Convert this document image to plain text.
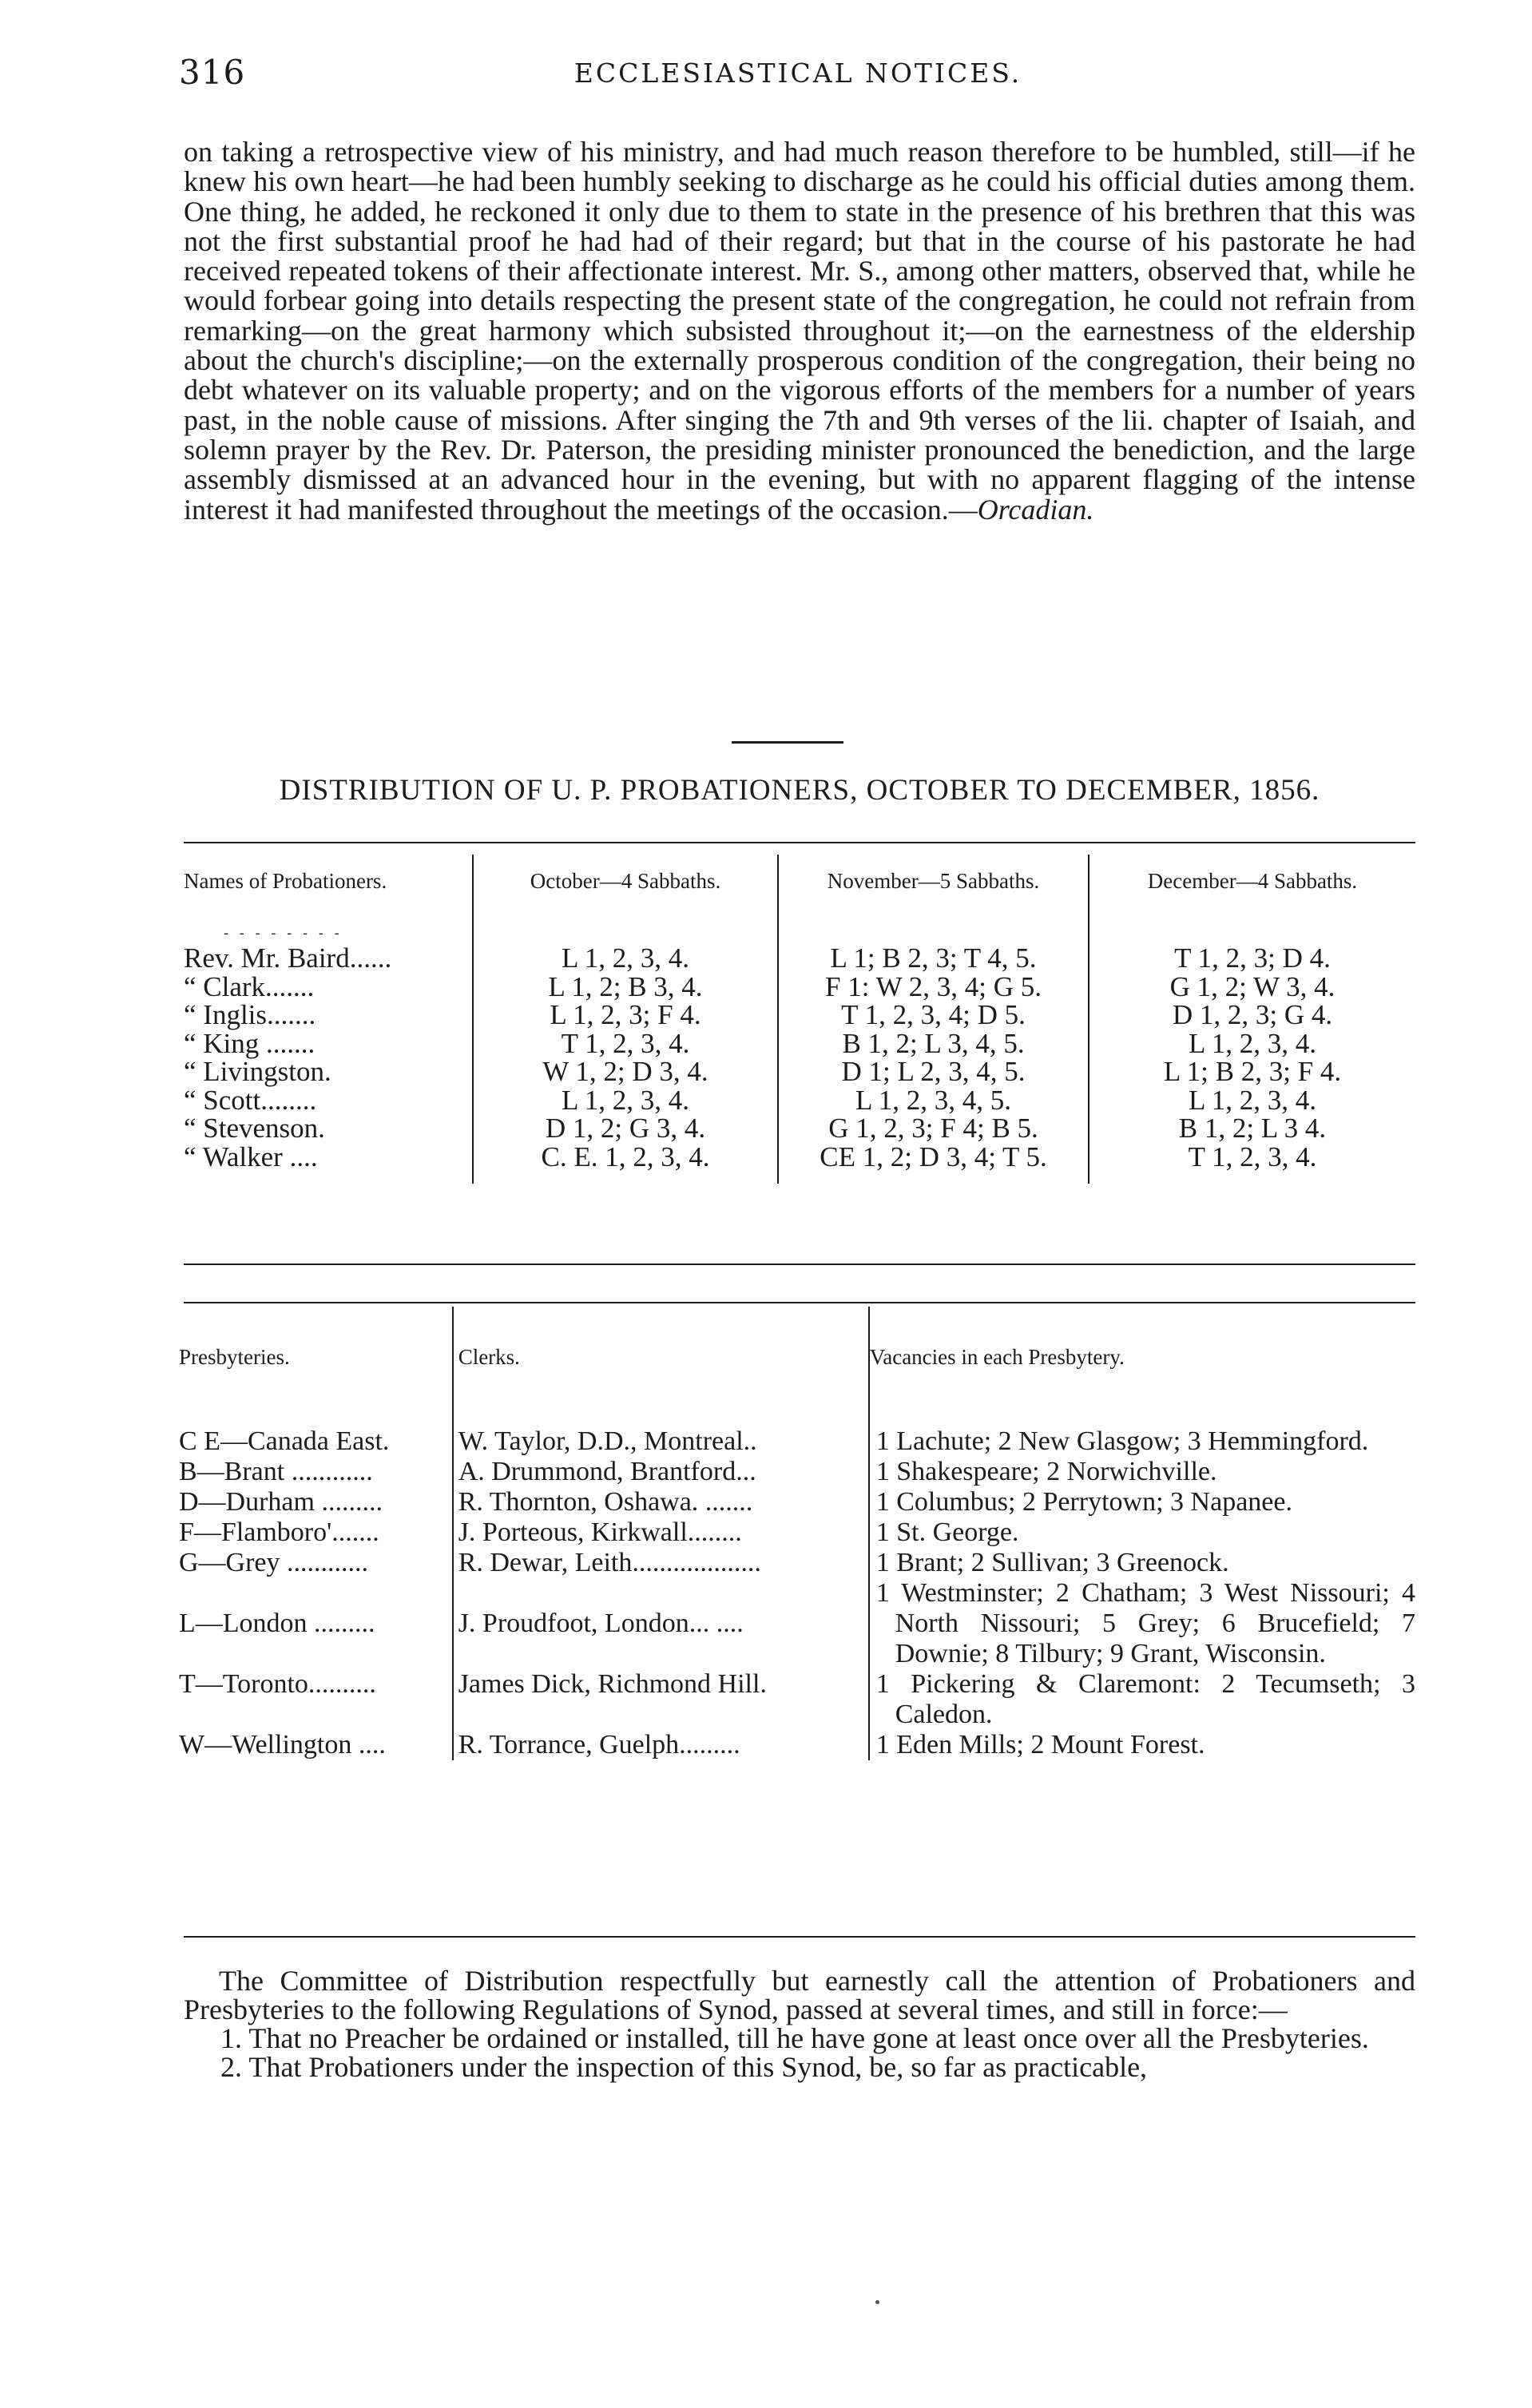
316	ECCLESIASTICAL NOTICES.
on taking a retrospective view of his ministry, and had much reason therefore to be humbled, still—if he knew his own heart—he had been humbly seeking to discharge as he could his official duties among them. One thing, he added, he reckoned it only due to them to state in the presence of his brethren that this was not the first substantial proof he had had of their regard; but that in the course of his pastorate he had received repeated tokens of their affectionate interest. Mr. S., among other matters, observed that, while he would forbear going into details respecting the present state of the congregation, he could not refrain from remarking—on the great harmony which subsisted throughout it;—on the earnestness of the eldership about the church's discipline;—on the externally prosperous condition of the congregation, their being no debt whatever on its valuable property; and on the vigorous efforts of the members for a number of years past, in the noble cause of missions. After singing the 7th and 9th verses of the lii. chapter of Isaiah, and solemn prayer by the Rev. Dr. Paterson, the presiding minister pronounced the benediction, and the large assembly dismissed at an advanced hour in the evening, but with no apparent flagging of the intense interest it had manifested throughout the meetings of the occasion.—Orcadian.
DISTRIBUTION OF U. P. PROBATIONERS, OCTOBER TO DECEMBER, 1856.
Names of Probationers.	October—4 Sabbaths.	November—5 Sabbaths.	December—4 Sabbaths.

Rev. Mr. Baird......	L 1, 2, 3, 4.	L 1; B 2, 3; T 4, 5.	T 1, 2, 3; D 4.
“ Clark.......	L 1, 2; B 3, 4.	F 1: W 2, 3, 4; G 5.	G 1, 2; W 3, 4.
“ Inglis.......	L 1, 2, 3; F 4.	T 1, 2, 3, 4; D 5.	D 1, 2, 3; G 4.
“ King .......	T 1, 2, 3, 4.	B 1, 2; L 3, 4, 5.	L 1, 2, 3, 4.
“ Livingston.	W 1, 2; D 3, 4.	D 1; L 2, 3, 4, 5.	L 1; B 2, 3; F 4.
“ Scott........	L 1, 2, 3, 4.	L 1, 2, 3, 4, 5.	L 1, 2, 3, 4.
“ Stevenson.	D 1, 2; G 3, 4.	G 1, 2, 3; F 4; B 5.	B 1, 2; L 3 4.
“ Walker ....	C. E. 1, 2, 3, 4.	CE 1, 2; D 3, 4; T 5.	T 1, 2, 3, 4.

- - - - - - - -
Presbyteries.	Clerks.	Vacancies in each Presbytery.

C E—Canada East.	W. Taylor, D.D., Montreal..	1 Lachute; 2 New Glasgow; 3 Hemmingford.
B—Brant ............	A. Drummond, Brantford...	1 Shakespeare; 2 Norwichville.
D—Durham .........	R. Thornton, Oshawa. .......	1 Columbus; 2 Perrytown; 3 Napanee.
F—Flamboro'.......	J. Porteous, Kirkwall........	1 St. George.
G—Grey ............	R. Dewar, Leith...................	1 Brant; 2 Sullivan; 3 Greenock.
L—London .........	J. Proudfoot, London... ....	1 Westminster; 2 Chatham; 3 West Nissouri; 4 North Nissouri; 5 Grey; 6 Brucefield; 7 Downie; 8 Tilbury; 9 Grant, Wisconsin.
T—Toronto..........	James Dick, Richmond Hill.	1 Pickering & Claremont: 2 Tecumseth; 3 Caledon.
W—Wellington ....	R. Torrance, Guelph.........	1 Eden Mills; 2 Mount Forest.

The Committee of Distribution respectfully but earnestly call the attention of Probationers and Presbyteries to the following Regulations of Synod, passed at several times, and still in force:—

1. That no Preacher be ordained or installed, till he have gone at least once over all the Presbyteries.

2. That Probationers under the inspection of this Synod, be, so far as practicable,
